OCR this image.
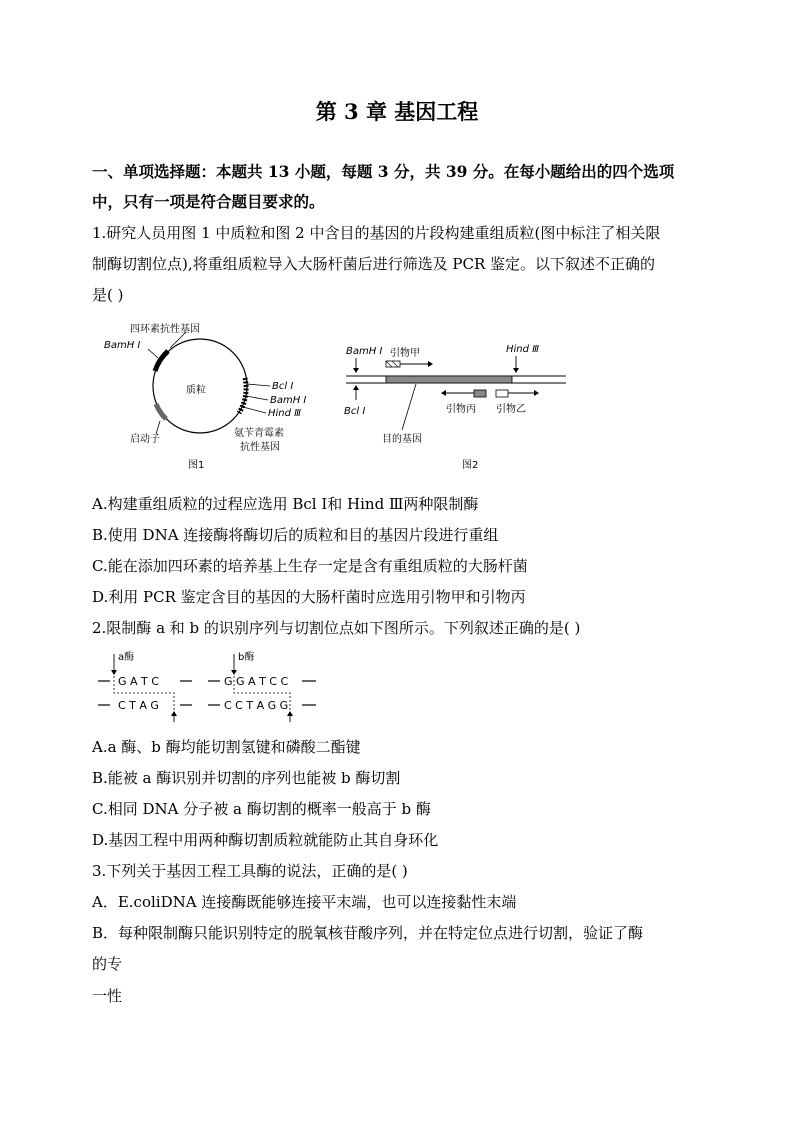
第 3 章 基因工程
一、单项选择题：本题共 13 小题，每题 3 分，共 39 分。在每小题给出的四个选项
中，只有一项是符合题目要求的。
1.研究人员用图 1 中质粒和图 2 中含目的基因的片段构建重组质粒(图中标注了相关限
制酶切割位点),将重组质粒导入大肠杆菌后进行筛选及 PCR 鉴定。以下叙述不正确的
是( )
四环素抗性基因
BamH I
质粒	Bcl I
BamH I
Hind Ⅲ
启动子
氨苄青霉素
抗性基因
图1
BamH I 引物甲	Hind Ⅲ
Bcl I	引物丙 引物乙
目的基因
图2
A.构建重组质粒的过程应选用 Bcl Ⅰ和 Hind Ⅲ两种限制酶
B.使用 DNA 连接酶将酶切后的质粒和目的基因片段进行重组
C.能在添加四环素的培养基上生存一定是含有重组质粒的大肠杆菌
D.利用 PCR 鉴定含目的基因的大肠杆菌时应选用引物甲和引物丙
2.限制酶 a 和 b 的识别序列与切割位点如下图所示。下列叙述正确的是( )
a酶
G A T C
C T A G
b酶
G G A T C C
C C T A G G
A.a 酶、b 酶均能切割氢键和磷酸二酯键
B.能被 a 酶识别并切割的序列也能被 b 酶切割
C.相同 DNA 分子被 a 酶切割的概率一般高于 b 酶
D.基因工程中用两种酶切割质粒就能防止其自身环化
3.下列关于基因工程工具酶的说法，正确的是( )
A．E.coliDNA 连接酶既能够连接平末端，也可以连接黏性末端
B．每种限制酶只能识别特定的脱氧核苷酸序列，并在特定位点进行切割，验证了酶
的专
一性
